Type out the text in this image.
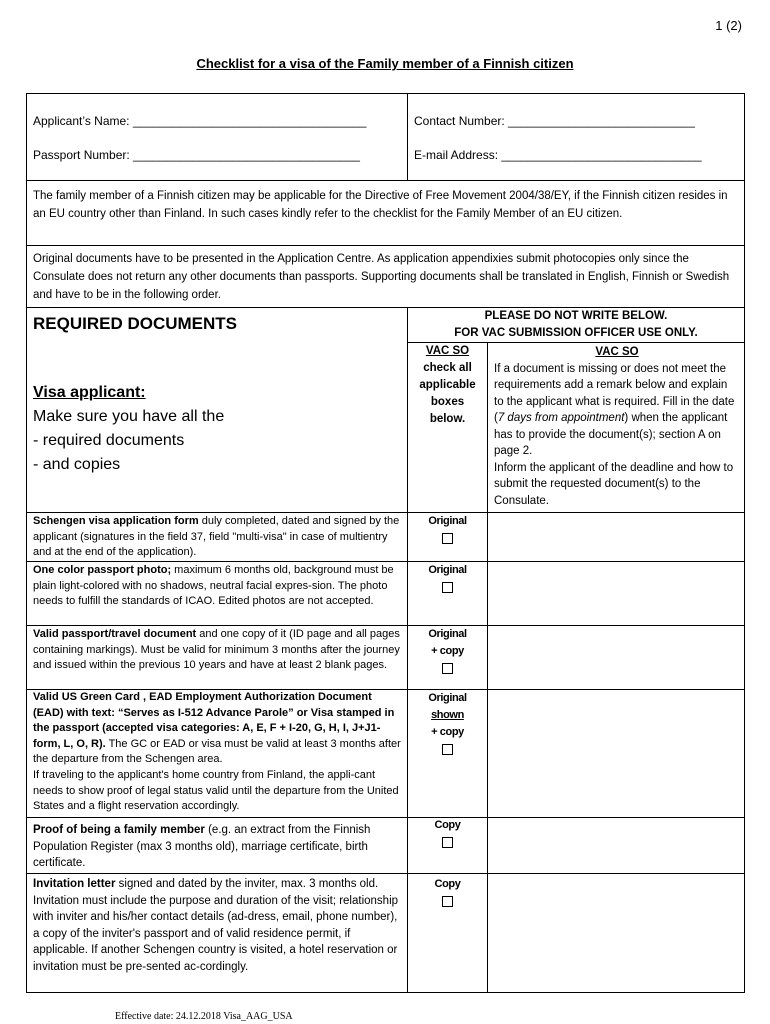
1 (2)
Checklist for a visa of the Family member of a Finnish citizen
Applicant’s Name: ___________________________________	Contact Number: ____________________________
Passport Number: __________________________________	E-mail Address: ______________________________
The family member of a Finnish citizen may be applicable for the Directive of Free Movement 2004/38/EY, if the Finnish citizen resides in an EU country other than Finland. In such cases kindly refer to the checklist for the Family Member of an EU citizen.
Original documents have to be presented in the Application Centre. As application appendixies submit photocopies only since the Consulate does not return any other documents than passports. Supporting documents shall be translated in English, Finnish or Swedish and have to be in the following order.
REQUIRED DOCUMENTS
Visa applicant:
Make sure you have all the
- required documents
- and copies
PLEASE DO NOT WRITE BELOW.
FOR VAC SUBMISSION OFFICER USE ONLY.
VAC SO
check all
applicable
boxes
below.
VAC SO
If a document is missing or does not meet the requirements add a remark below and explain to the applicant what is required. Fill in the date (7 days from appointment) when the applicant has to provide the document(s); section A on page 2.
Inform the applicant of the deadline and how to submit the requested document(s) to the Consulate.
Schengen visa application form duly completed, dated and signed by the applicant (signatures in the field 37, field "multi-visa" in case of multientry and at the end of the application).
Original
One color passport photo; maximum 6 months old, background must be plain light-colored with no shadows, neutral facial expres-sion. The photo needs to fulfill the standards of ICAO. Edited photos are not accepted.
Original
Valid passport/travel document and one copy of it (ID page and all pages containing markings). Must be valid for minimum 3 months after the journey and issued within the previous 10 years and have at least 2 blank pages.
Original
+ copy
Valid US Green Card , EAD Employment Authorization Document (EAD) with text: “Serves as I-512 Advance Parole” or Visa stamped in the passport (accepted visa categories: A, E, F + I-20, G, H, I, J+J1-form, L, O, R). The GC or EAD or visa must be valid at least 3 months after the departure from the Schengen area.
If traveling to the applicant's home country from Finland, the appli-cant needs to show proof of legal status valid until the departure from the United States and a flight reservation accordingly.
Original
shown
+ copy
Proof of being a family member (e.g. an extract from the Finnish Population Register (max 3 months old), marriage certificate, birth certificate.
Copy
Invitation letter signed and dated by the inviter, max. 3 months old. Invitation must include the purpose and duration of the visit; relationship with inviter and his/her contact details (ad-dress, email, phone number), a copy of the inviter's passport and of valid residence permit, if applicable. If another Schengen country is visited, a hotel reservation or invitation must be pre-sented ac-cordingly.
Copy
Effective date: 24.12.2018 Visa_AAG_USA
